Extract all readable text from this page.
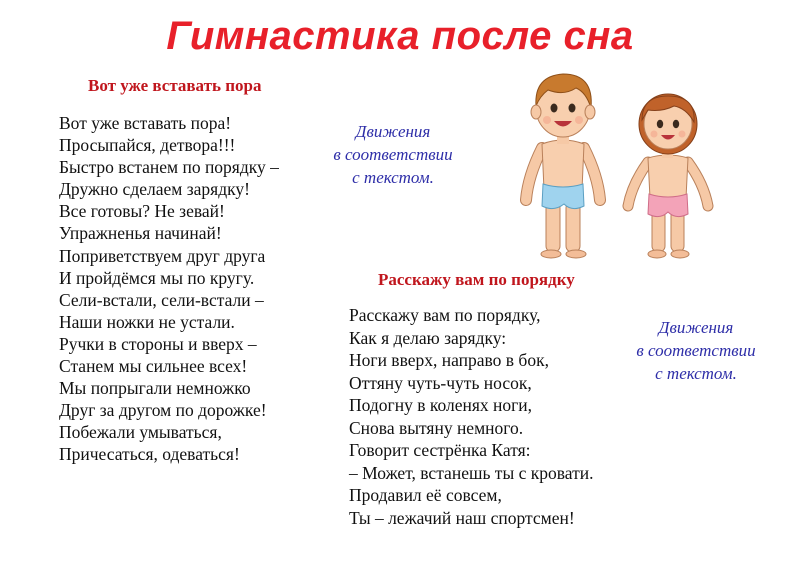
Гимнастика после сна
Вот уже вставать пора
Вот уже вставать пора!
Просыпайся, детвора!!!
Быстро встанем по порядку –
Дружно сделаем зарядку!
Все готовы? Не зевай!
Упражненья начинай!
Поприветствуем друг друга
И пройдёмся мы по кругу.
Сели-встали, сели-встали –
Наши ножки не устали.
Ручки в стороны и вверх –
Станем мы сильнее всех!
Мы попрыгали немножко
Друг за другом по дорожке!
Побежали умываться,
Причесаться, одеваться!
Движения
в соответствии
с текстом.
Расскажу вам по порядку
Расскажу вам по порядку,
Как я делаю зарядку:
Ноги вверх, направо в бок,
Оттяну чуть-чуть носок,
Подогну в коленях ноги,
Снова вытяну немного.
Говорит сестрёнка Катя:
– Может, встанешь ты с кровати.
Продавил её совсем,
Ты – лежачий наш спортсмен!
Движения
в соответствии
с текстом.
